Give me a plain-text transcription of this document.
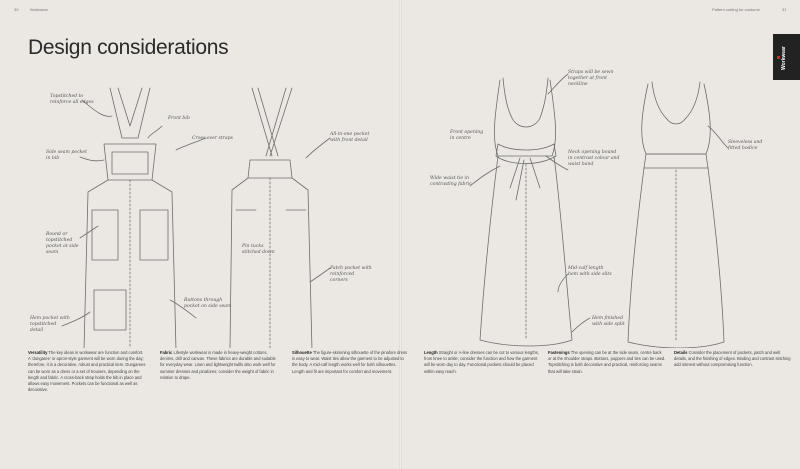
30	Workwear	Pattern cutting for costume	31
Design considerations	Workwear
Topstitched to reinforce all edges
Front bib
Cross-over straps
All-in-one pocket with front detail
Side seam pocket in bib
Bound or topstitched pocket at side seam
Hem pocket with topstitched detail
Patch pocket with reinforced corners
Pin tucks stitched down
Buttons through pocket on side seam
Straps will be sewn together at front neckline
Wide waist tie in contrasting fabric
Neck opening bound in contrast colour and waist band
Mid-calf length hem with side slits
Hem finished with side split
Sleeveless and fitted bodice
Front opening in centre

Versatility The key ideas in workwear are function and comfort. A ‘dungaree’ or apron-style garment will be worn during the day; therefore, it is a decorative, robust and practical item. Dungarees can be worn as a dress or a set of trousers, depending on the length and fabric. A cross-back strap holds the bib in place and allows easy movement. Pockets can be functional as well as decorative.

Fabric Lifestyle workwear is made in heavy-weight cottons, denims, drill and canvas. These fabrics are durable and suitable for everyday wear. Linen and lightweight twills also work well for summer dresses and pinafores; consider the weight of fabric in relation to drape.

Silhouette The figure-skimming silhouette of the pinafore dress is easy to wear. Waist ties allow the garment to be adjusted to the body. A mid-calf length works well for both silhouettes. Length and fit are important for comfort and movement.

Length Straight or A-line dresses can be cut to various lengths, from knee to ankle; consider the function and how the garment will be worn day to day. Functional pockets should be placed within easy reach.

Fastenings The opening can be at the side seam, centre back or at the shoulder straps. Buttons, poppers and ties can be used. Topstitching is both decorative and practical, reinforcing seams that will take strain.

Details Consider the placement of pockets, patch and welt details, and the finishing of edges. Binding and contrast stitching add interest without compromising function.
